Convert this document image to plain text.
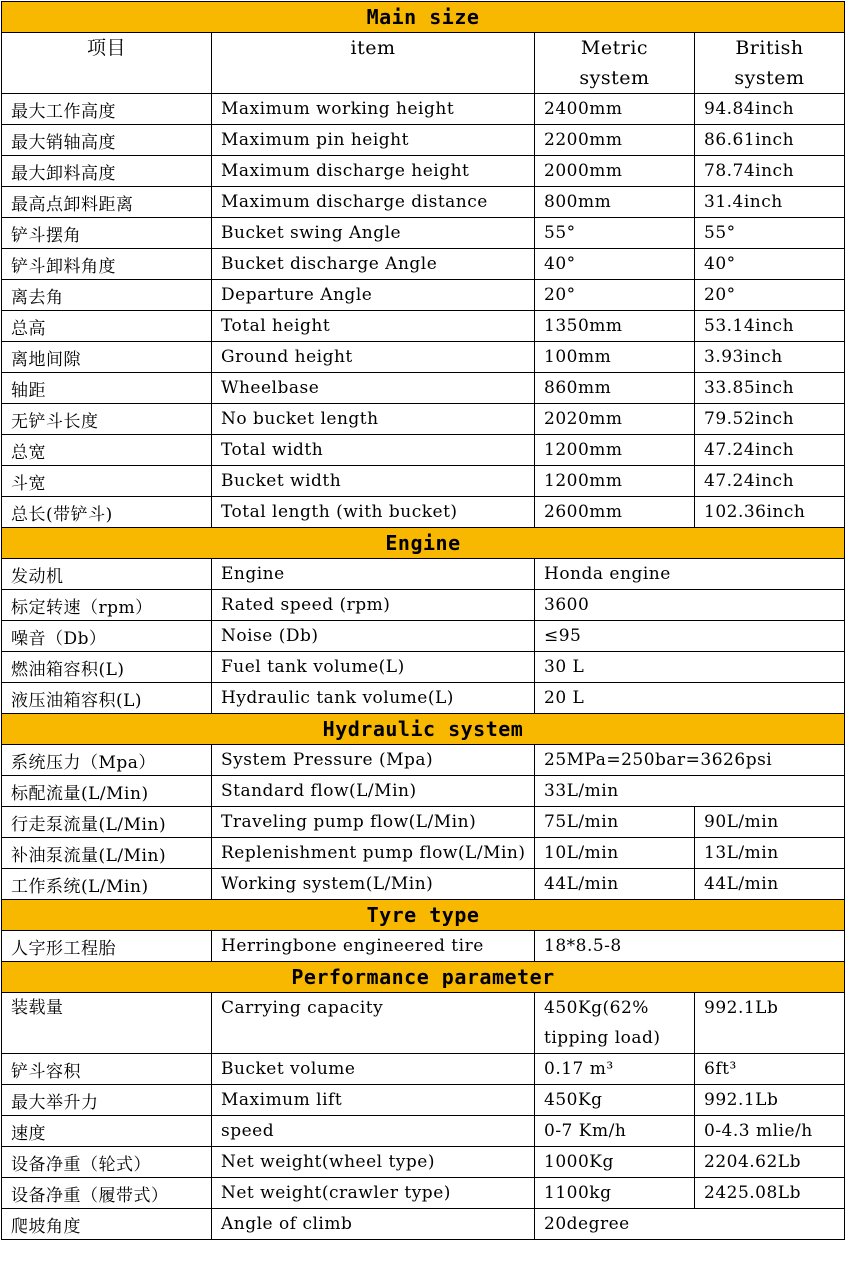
Main size			
项目	item	Metric system	British system
最大工作高度	Maximum working height	2400mm	94.84inch
最大销轴高度	Maximum pin height	2200mm	86.61inch
最大卸料高度	Maximum discharge height	2000mm	78.74inch
最高点卸料距离	Maximum discharge distance	800mm	31.4inch
铲斗摆角	Bucket swing Angle	55°	55°
铲斗卸料角度	Bucket discharge Angle	40°	40°
离去角	Departure Angle	20°	20°
总高	Total height	1350mm	53.14inch
离地间隙	Ground height	100mm	3.93inch
轴距	Wheelbase	860mm	33.85inch
无铲斗长度	No bucket length	2020mm	79.52inch
总宽	Total width	1200mm	47.24inch
斗宽	Bucket width	1200mm	47.24inch
总长(带铲斗)	Total length (with bucket)	2600mm	102.36inch
Engine			
发动机	Engine	Honda engine	
标定转速（rpm）	Rated speed (rpm)	3600	
噪音（Db）	Noise (Db)	≤95	
燃油箱容积(L)	Fuel tank volume(L)	30 L	
液压油箱容积(L)	Hydraulic tank volume(L)	20 L	
Hydraulic system			
系统压力（Mpa）	System Pressure (Mpa)	25MPa=250bar=3626psi	
标配流量(L/Min)	Standard flow(L/Min)	33L/min	
行走泵流量(L/Min)	Traveling pump flow(L/Min)	75L/min	90L/min
补油泵流量(L/Min)	Replenishment pump flow(L/Min)	10L/min	13L/min
工作系统(L/Min)	Working system(L/Min)	44L/min	44L/min
Tyre type			
人字形工程胎	Herringbone engineered tire	18*8.5-8	
Performance parameter			
装载量	Carrying capacity	450Kg(62% tipping load)	992.1Lb
铲斗容积	Bucket volume	0.17 m³	6ft³
最大举升力	Maximum lift	450Kg	992.1Lb
速度	speed	0-7 Km/h	0-4.3 mlie/h
设备净重（轮式）	Net weight(wheel type)	1000Kg	2204.62Lb
设备净重（履带式）	Net weight(crawler type)	1100kg	2425.08Lb
爬坡角度	Angle of climb	20degree	
